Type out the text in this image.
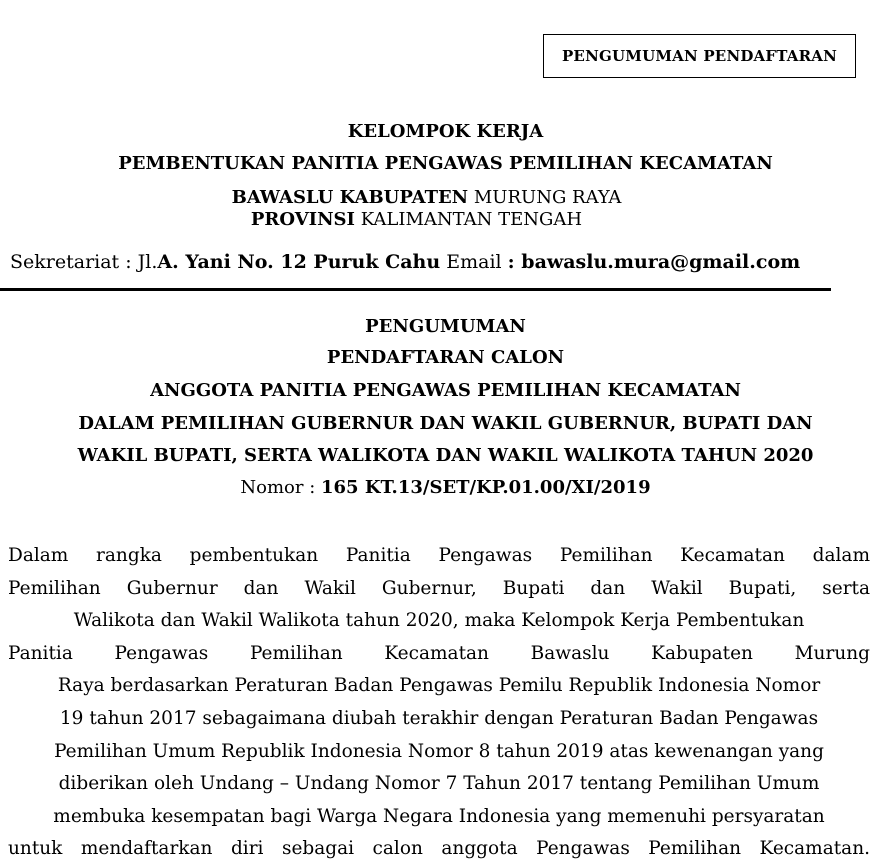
PENGUMUMAN PENDAFTARAN
KELOMPOK KERJA
PEMBENTUKAN PANITIA PENGAWAS PEMILIHAN KECAMATAN
BAWASLU KABUPATEN MURUNG RAYA
PROVINSI KALIMANTAN TENGAH
Sekretariat : Jl.A. Yani No. 12 Puruk Cahu Email : bawaslu.mura@gmail.com
PENGUMUMAN
PENDAFTARAN CALON
ANGGOTA PANITIA PENGAWAS PEMILIHAN KECAMATAN
DALAM PEMILIHAN GUBERNUR DAN WAKIL GUBERNUR, BUPATI DAN
WAKIL BUPATI, SERTA WALIKOTA DAN WAKIL WALIKOTA TAHUN 2020
Nomor : 165 KT.13/SET/KP.01.00/XI/2019
Dalam rangka pembentukan Panitia Pengawas Pemilihan Kecamatan dalam
Pemilihan Gubernur dan Wakil Gubernur, Bupati dan Wakil Bupati, serta
Walikota dan Wakil Walikota tahun 2020, maka Kelompok Kerja Pembentukan
Panitia Pengawas Pemilihan Kecamatan Bawaslu Kabupaten Murung
Raya berdasarkan Peraturan Badan Pengawas Pemilu Republik Indonesia Nomor
19 tahun 2017 sebagaimana diubah terakhir dengan Peraturan Badan Pengawas
Pemilihan Umum Republik Indonesia Nomor 8 tahun 2019 atas kewenangan yang
diberikan oleh Undang – Undang Nomor 7 Tahun 2017 tentang Pemilihan Umum
membuka kesempatan bagi Warga Negara Indonesia yang memenuhi persyaratan
untuk mendaftarkan diri sebagai calon anggota Pengawas Pemilihan Kecamatan.
